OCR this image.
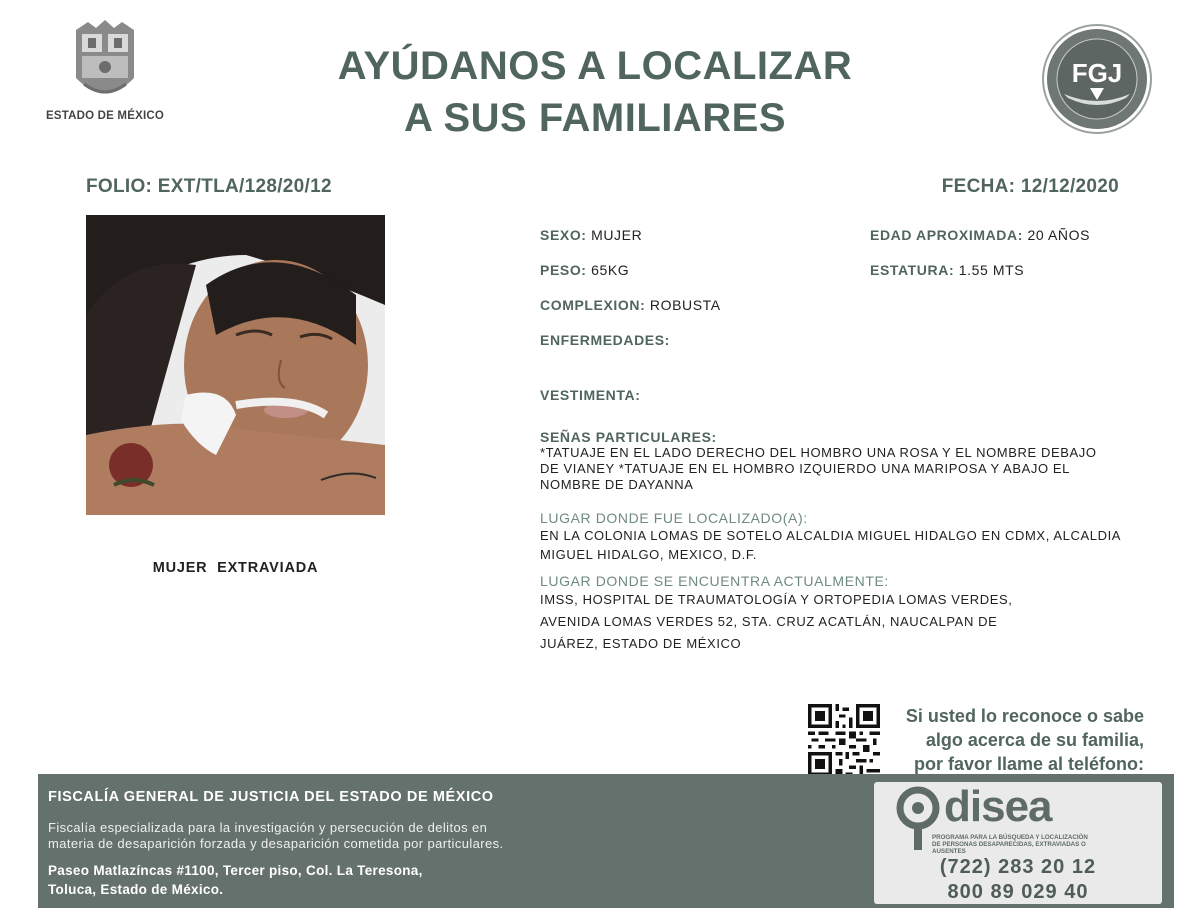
ESTADO DE MÉXICO
AYÚDANOS A LOCALIZAR
A SUS FAMILIARES
FGJ
FOLIO: EXT/TLA/128/20/12	FECHA: 12/12/2020
MUJER  EXTRAVIADA
SEXO: MUJER	EDAD APROXIMADA: 20 AÑOS
PESO: 65KG	ESTATURA: 1.55 MTS
COMPLEXION: ROBUSTA
ENFERMEDADES:
VESTIMENTA:
SEÑAS PARTICULARES:
*TATUAJE EN EL LADO DERECHO DEL HOMBRO UNA ROSA Y EL NOMBRE DEBAJO
DE VIANEY *TATUAJE EN EL HOMBRO IZQUIERDO UNA MARIPOSA Y ABAJO EL
NOMBRE DE DAYANNA
LUGAR DONDE FUE LOCALIZADO(A):
EN LA COLONIA LOMAS DE SOTELO ALCALDIA MIGUEL HIDALGO EN CDMX, ALCALDIA
MIGUEL HIDALGO, MEXICO, D.F.
LUGAR DONDE SE ENCUENTRA ACTUALMENTE:
IMSS, HOSPITAL DE TRAUMATOLOGÍA Y ORTOPEDIA LOMAS VERDES,
AVENIDA LOMAS VERDES 52, STA. CRUZ ACATLÁN, NAUCALPAN DE
JUÁREZ, ESTADO DE MÉXICO
Si usted lo reconoce o sabe
algo acerca de su familia,
por favor llame al teléfono:
FISCALÍA GENERAL DE JUSTICIA DEL ESTADO DE MÉXICO
Fiscalía especializada para la investigación y persecución de delitos en
materia de desaparición forzada y desaparición cometida por particulares.
Paseo Matlazíncas #1100, Tercer piso, Col. La Teresona,
Toluca, Estado de México.
disea
PROGRAMA PARA LA BÚSQUEDA Y LOCALIZACIÓN
DE PERSONAS DESAPARECIDAS, EXTRAVIADAS O
AUSENTES
(722) 283 20 12
800 89 029 40
